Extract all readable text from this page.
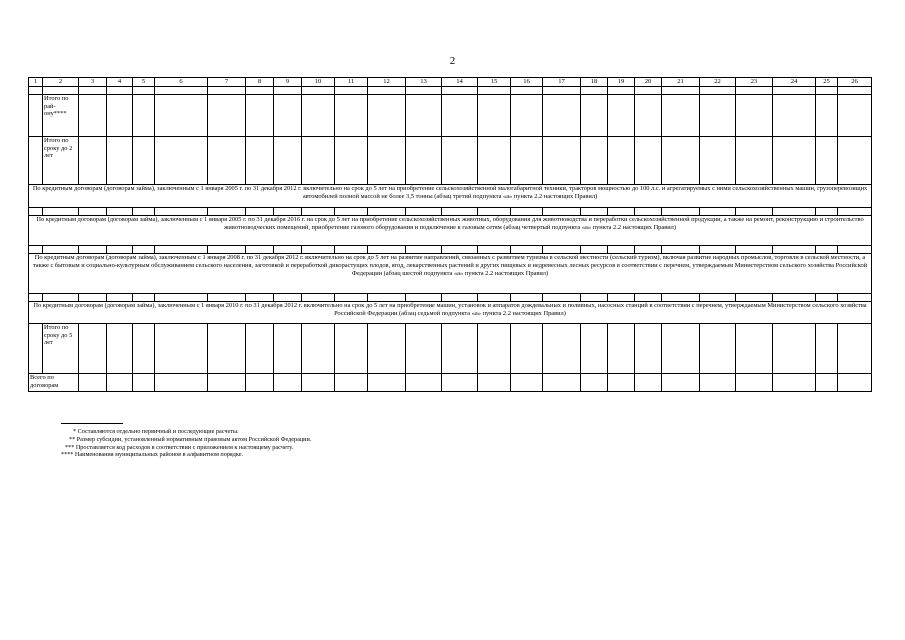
2
1	2	3	4	5	6	7	8	9	10	11	12	13	14	15	16	17	18	19	20	21	22	23	24	25	26

	Итого по рай-ону****																								
	Итого по сроку до 2 лет																								
По кредитным договорам (договорам займа), заключенным с 1 января 2005 г. по 31 декабря 2012 г. включительно на срок до 5 лет на приобретение сельскохозяйственной малогабаритной техники, тракторов мощностью до 100 л.с. и агрегатируемых с ними сельскохозяйственных машин, грузоперевозящих автомобилей полной массой не более 3,5 тонны (абзац третий подпункта «а» пункта 2.2 настоящих Правил)																									

По кредитным договорам (договорам займа), заключенным с 1 января 2005 г. по 31 декабря 2016 г. на срок до 5 лет на приобретение сельскохозяйственных животных, оборудования для животноводства и переработки сельскохозяйственной продукции, а также на ремонт, реконструкцию и строительство животноводческих помещений, приобретение газового оборудования и подключение к газовым сетям (абзац четвертый подпункта «а» пункта 2.2 настоящих Правил)																									

По кредитным договорам (договорам займа), заключенным с 1 января 2008 г. по 31 декабря 2012 г. включительно на срок до 5 лет на развитие направлений, связанных с развитием туризма в сельской местности (сельский туризм), включая развитие народных промыслов, торговли в сельской местности, а также с бытовым и социально-культурным обслуживанием сельского населения, заготовкой и переработкой дикорастущих плодов, ягод, лекарственных растений и других пищевых и недревесных лесных ресурсов в соответствии с перечнем, утверждаемым Министерством сельского хозяйства Российской Федерации (абзац шестой подпункта «а» пункта 2.2 настоящих Правил)																									

По кредитным договорам (договорам займа), заключенным с 1 января 2010 г. по 31 декабря 2012 г. включительно на срок до 5 лет на приобретение машин, установок и аппаратов дождевальных и поливных, насосных станций в соответствии с перечнем, утверждаемым Министерством сельского хозяйства Российской Федерации (абзац седьмой подпункта «а» пункта 2.2 настоящих Правил)																									
	Итого по сроку до 5 лет																								
Всего по договорам																									
* Составляются отдельно первичный и последующие расчеты.
** Размер субсидии, установленный нормативным правовым актом Российской Федерации.
*** Проставляется код расходов в соответствии с приложением к настоящему расчету.
**** Наименования муниципальных районов в алфавитном порядке.
